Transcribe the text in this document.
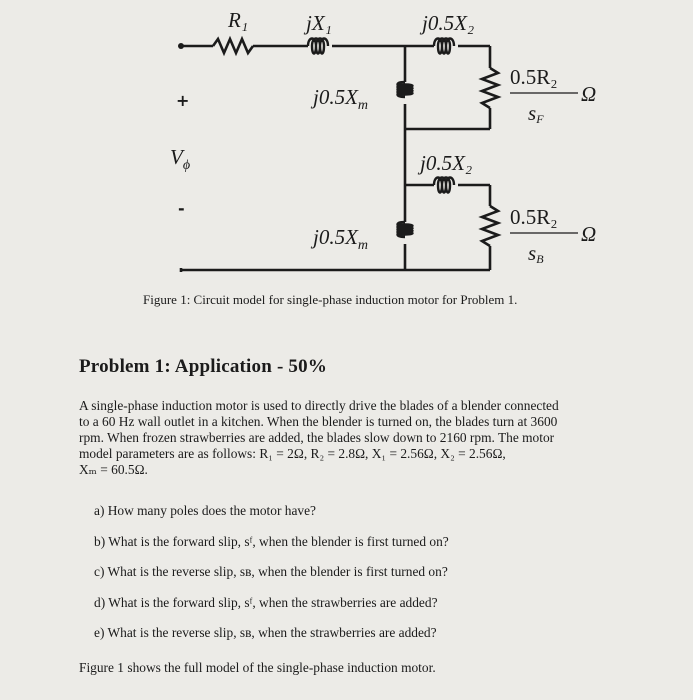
R₁	jX₁	j0.5X₂
$j0.5X_m$
$j0.5X_m$
0.5R₂
Ω
sF
j0.5X₂
0.5R₂
Ω
sB
$V_\phi$
+
-
Figure 1: Circuit model for single-phase induction motor for Problem 1.
Problem 1: Application - 50%
A single-phase induction motor is used to directly drive the blades of a blender connected
to a 60 Hz wall outlet in a kitchen. When the blender is turned on, the blades turn at 3600
rpm. When frozen strawberries are added, the blades slow down to 2160 rpm. The motor
model parameters are as follows: R₁ = 2Ω, R₂ = 2.8Ω, X₁ = 2.56Ω, X₂ = 2.56Ω,
Xₘ = 60.5Ω.
a) How many poles does the motor have?
b) What is the forward slip, sᶠ, when the blender is first turned on?
c) What is the reverse slip, sʙ, when the blender is first turned on?
d) What is the forward slip, sᶠ, when the strawberries are added?
e) What is the reverse slip, sʙ, when the strawberries are added?
Figure 1 shows the full model of the single-phase induction motor.
